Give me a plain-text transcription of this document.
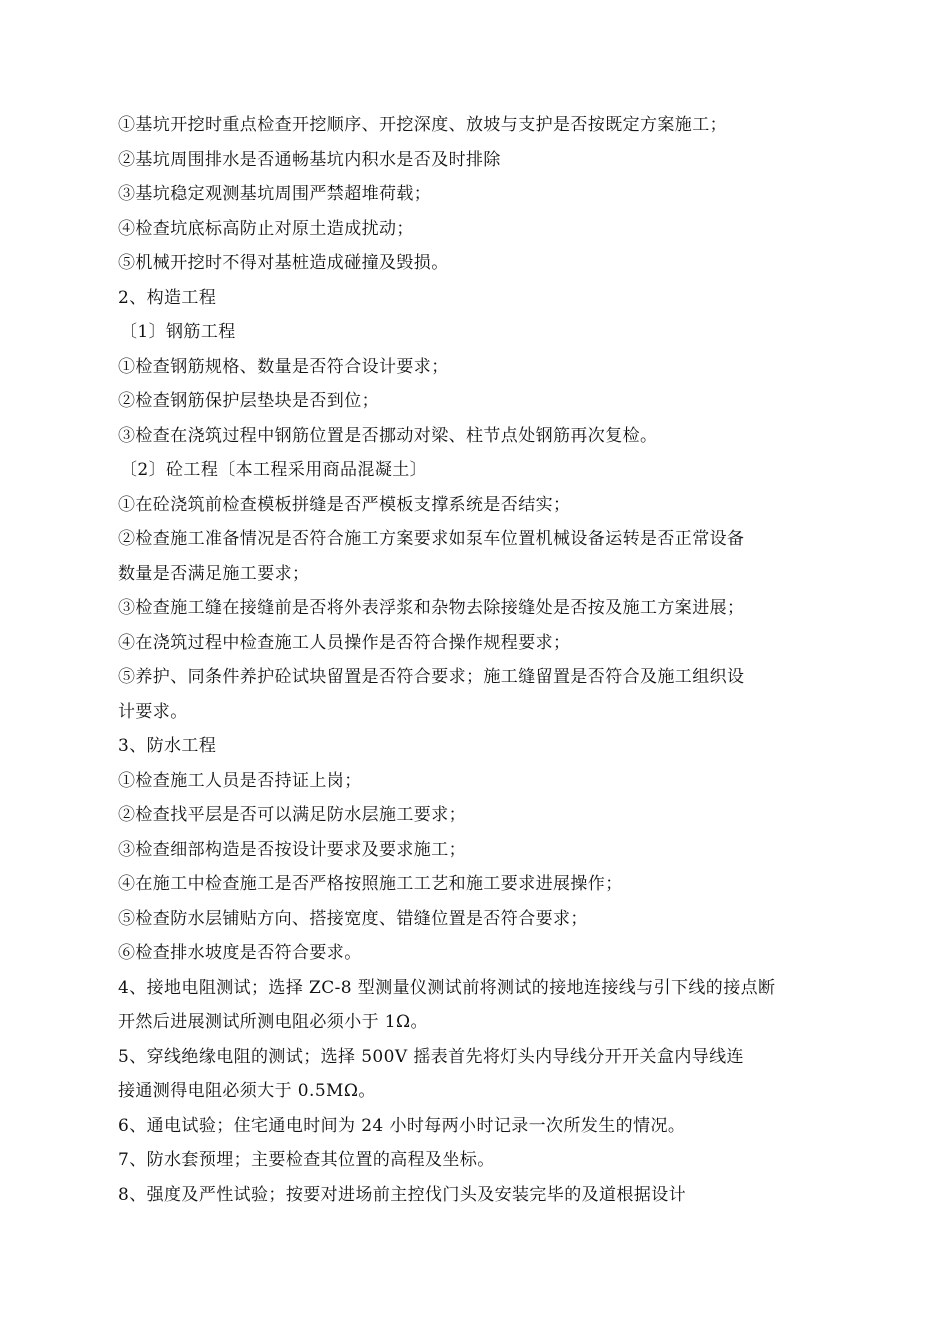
①基坑开挖时重点检查开挖顺序、开挖深度、放坡与支护是否按既定方案施工；
②基坑周围排水是否通畅基坑内积水是否及时排除
③基坑稳定观测基坑周围严禁超堆荷载；
④检查坑底标高防止对原土造成扰动；
⑤机械开挖时不得对基桩造成碰撞及毁损。
2、构造工程
〔1〕钢筋工程
①检查钢筋规格、数量是否符合设计要求；
②检查钢筋保护层垫块是否到位；
③检查在浇筑过程中钢筋位置是否挪动对梁、柱节点处钢筋再次复检。
〔2〕砼工程〔本工程采用商品混凝土〕
①在砼浇筑前检查模板拼缝是否严模板支撑系统是否结实；
②检查施工准备情况是否符合施工方案要求如泵车位置机械设备运转是否正常设备
数量是否满足施工要求；
③检查施工缝在接缝前是否将外表浮浆和杂物去除接缝处是否按及施工方案进展；
④在浇筑过程中检查施工人员操作是否符合操作规程要求；
⑤养护、同条件养护砼试块留置是否符合要求；施工缝留置是否符合及施工组织设
计要求。
3、防水工程
①检查施工人员是否持证上岗；
②检查找平层是否可以满足防水层施工要求；
③检查细部构造是否按设计要求及要求施工；
④在施工中检查施工是否严格按照施工工艺和施工要求进展操作；
⑤检查防水层铺贴方向、搭接宽度、错缝位置是否符合要求；
⑥检查排水坡度是否符合要求。
4、接地电阻测试；选择 ZC-8 型测量仪测试前将测试的接地连接线与引下线的接点断
开然后进展测试所测电阻必须小于 1Ω。
5、穿线绝缘电阻的测试；选择 500V 摇表首先将灯头内导线分开开关盒内导线连
接通测得电阻必须大于 0.5MΩ。
6、通电试验；住宅通电时间为 24 小时每两小时记录一次所发生的情况。
7、防水套预埋；主要检查其位置的高程及坐标。
8、强度及严性试验；按要对进场前主控伐门头及安装完毕的及道根据设计
